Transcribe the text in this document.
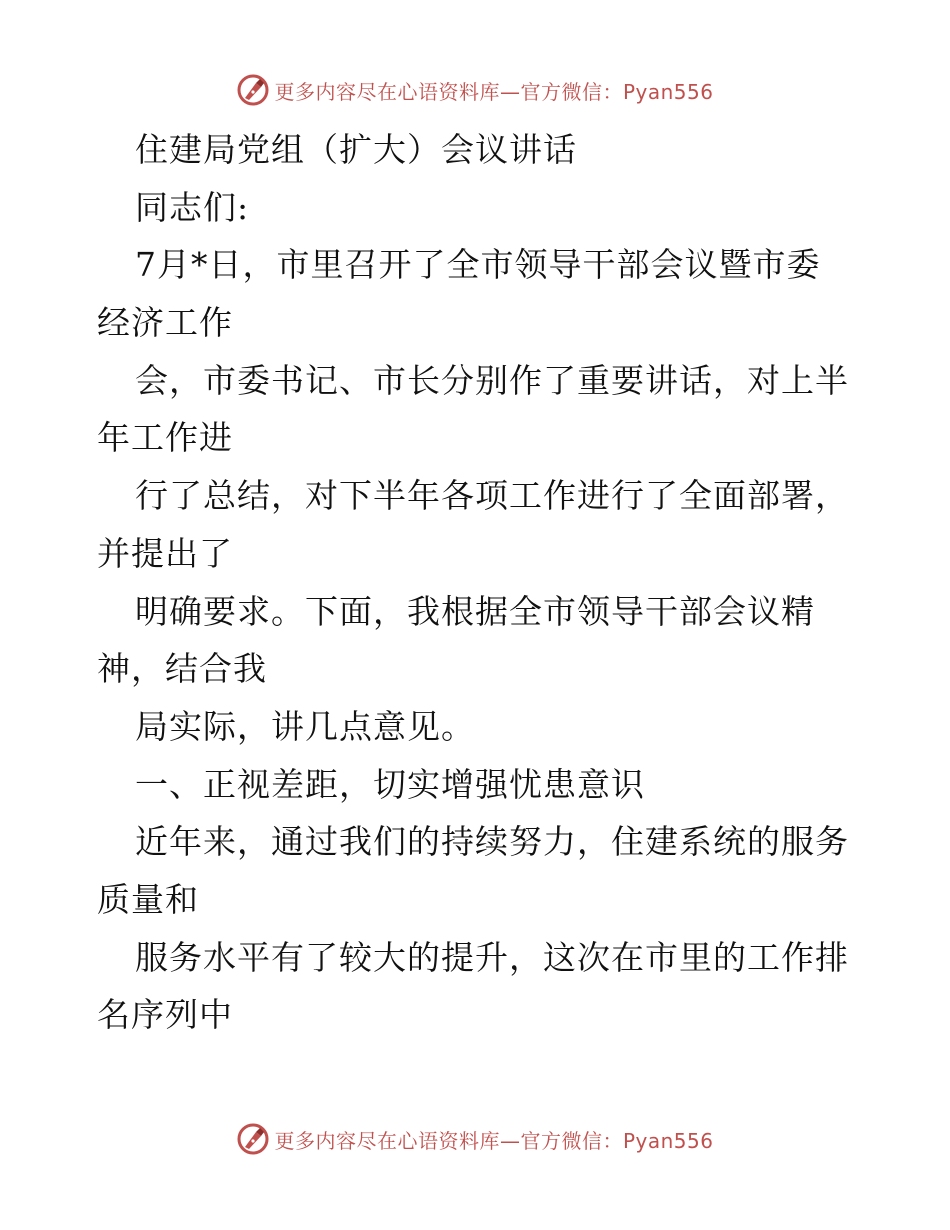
更多内容尽在心语资料库—官方微信：Pyan556
住建局党组（扩大）会议讲话
同志们:
7月*日，市里召开了全市领导干部会议暨市委
经济工作
会，市委书记、市长分别作了重要讲话，对上半
年工作进
行了总结，对下半年各项工作进行了全面部署，
并提出了
明确要求。下面，我根据全市领导干部会议精
神，结合我
局实际，讲几点意见。
一、正视差距，切实增强忧患意识
近年来，通过我们的持续努力，住建系统的服务
质量和
服务水平有了较大的提升，这次在市里的工作排
名序列中
更多内容尽在心语资料库—官方微信：Pyan556
